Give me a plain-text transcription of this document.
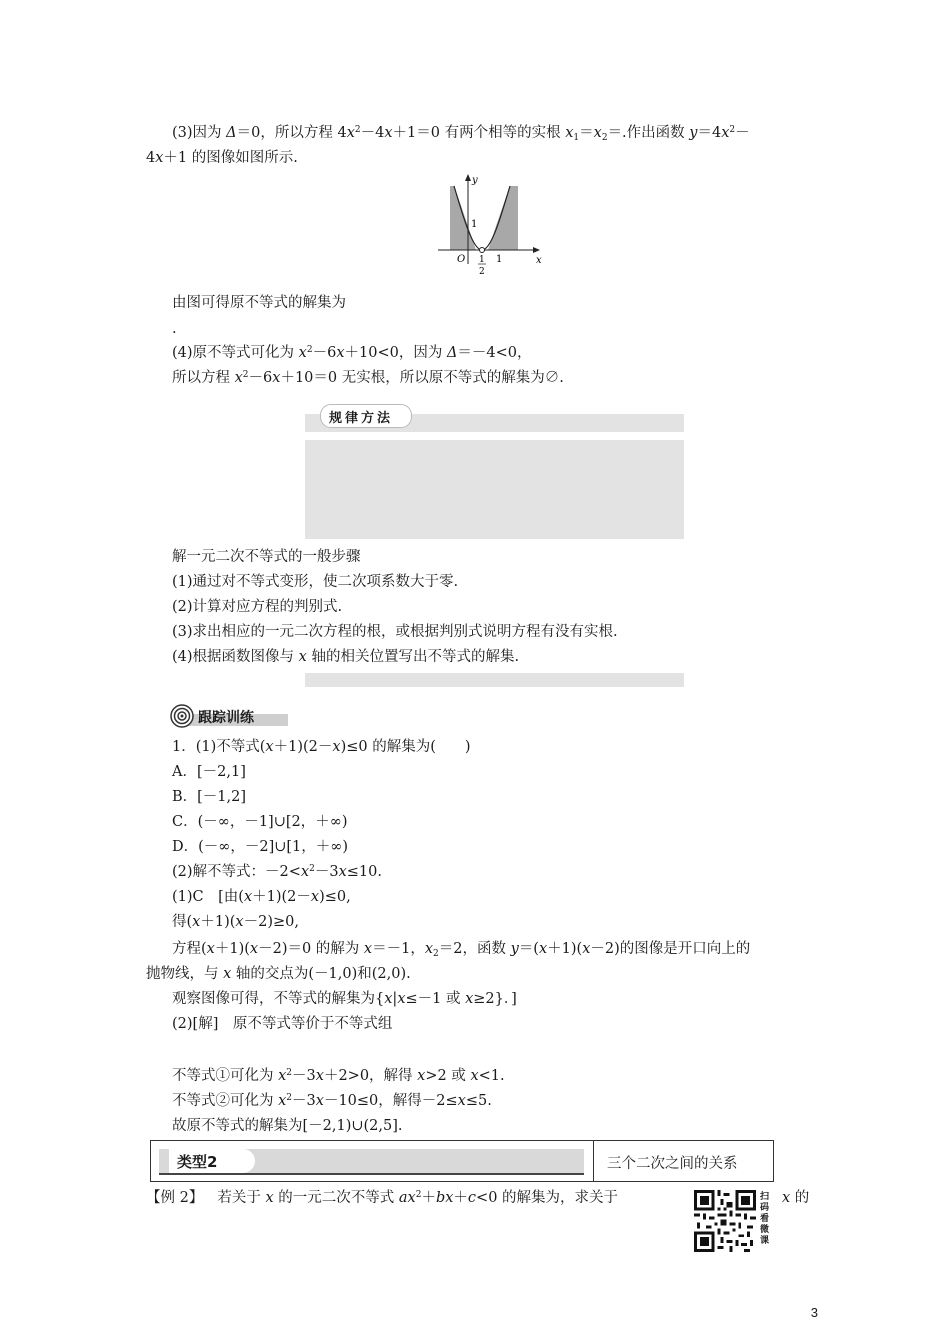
(3)因为 Δ＝0，所以方程 $4x^2-4x+1=0$ 有两个相等的实根 $x_1=x_2=$.作出函数 $y=4x^2-$
4x＋1 的图像如图所示.
y
x
1
O 1
2
1
由图可得原不等式的解集为
.
(4)原不等式可化为 $x^2-6x+10<0$，因为 Δ＝－4<0，
所以方程 $x^2-6x+10=0$ 无实根，所以原不等式的解集为∅.
规律方法
解一元二次不等式的一般步骤
(1)通过对不等式变形，使二次项系数大于零.
(2)计算对应方程的判别式.
(3)求出相应的一元二次方程的根，或根据判别式说明方程有没有实根.
(4)根据函数图像与 x 轴的相关位置写出不等式的解集.
跟踪训练
1．(1)不等式(x＋1)(2－x)≤0 的解集为(　　)
A．[－2,1]
B．[－1,2]
C．(－∞，－1]∪[2，＋∞)
D．(－∞，－2]∪[1，＋∞)
(2)解不等式：$-2<x^2-3x\le 10$.
(1)C　[由(x＋1)(2－x)≤0,
得(x＋1)(x－2)≥0,
方程(x＋1)(x－2)＝0 的解为 x＝－1，$x_2=2$，函数 y＝(x＋1)(x－2)的图像是开口向上的
抛物线，与 x 轴的交点为(－1,0)和(2,0).
观察图像可得，不等式的解集为{x|x≤－1 或 x≥2}．]
(2)[解]　原不等式等价于不等式组
不等式①可化为 $x^2-3x+2>0$，解得 x>2 或 x<1.
不等式②可化为 $x^2-3x-10\le 0$，解得－2≤x≤5.
故原不等式的解集为[－2,1)∪(2,5].
类型2	三个二次之间的关系
【例 2】 若关于 x 的一元二次不等式 $ax^2+bx+c<0$ 的解集为，求关于	x 的
扫码看微课
3
